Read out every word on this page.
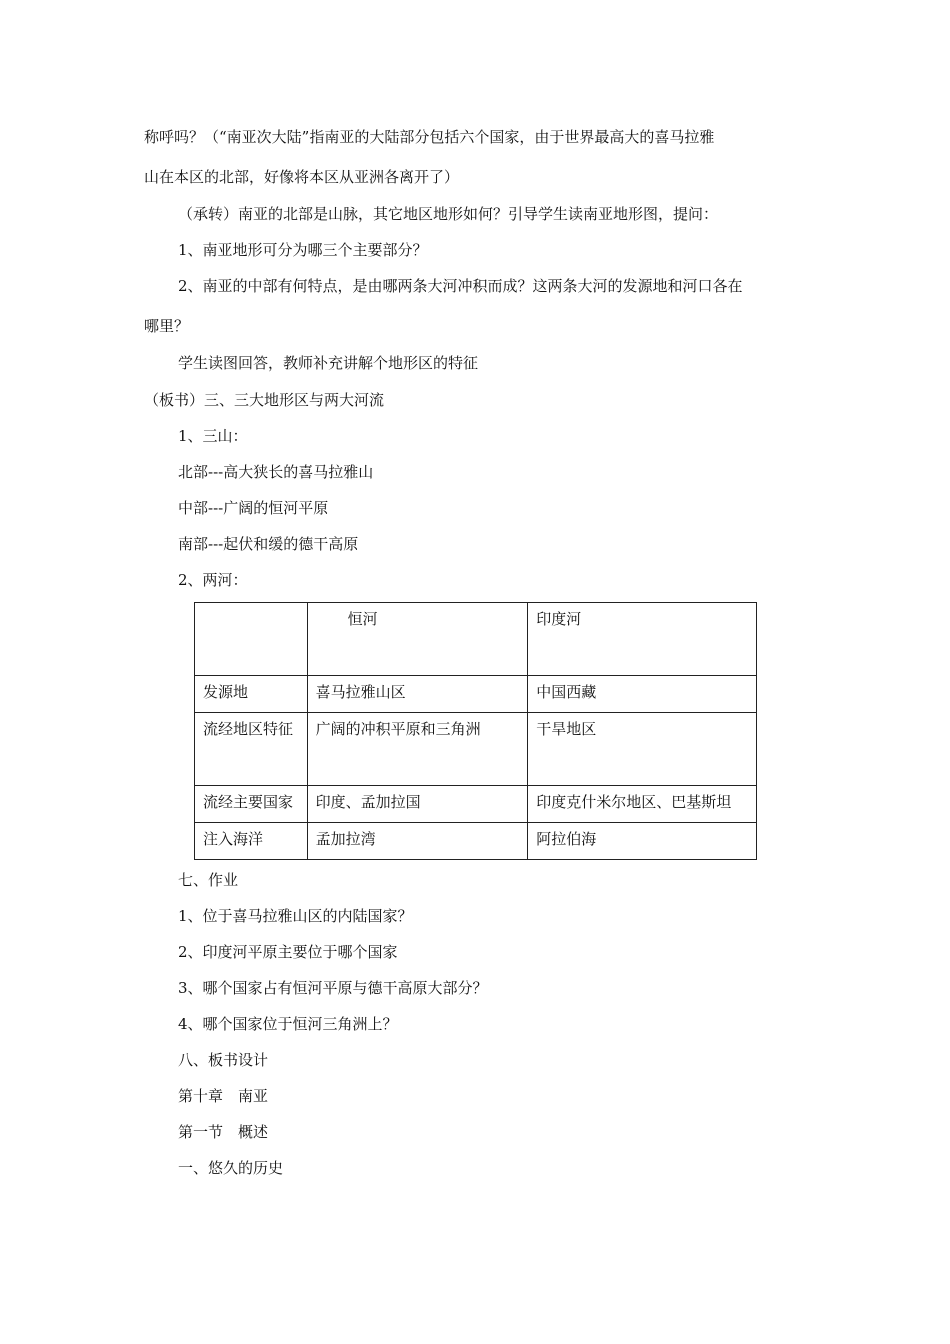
称呼吗？（“南亚次大陆”指南亚的大陆部分包括六个国家，由于世界最高大的喜马拉雅
山在本区的北部，好像将本区从亚洲各离开了）
（承转）南亚的北部是山脉，其它地区地形如何？引导学生读南亚地形图，提问：
1、南亚地形可分为哪三个主要部分？
2、南亚的中部有何特点，是由哪两条大河冲积而成？这两条大河的发源地和河口各在
哪里？
学生读图回答，教师补充讲解个地形区的特征
（板书）三、三大地形区与两大河流
1、三山：
北部---高大狭长的喜马拉雅山
中部---广阔的恒河平原
南部---起伏和缓的德干高原
2、两河：
	恒河	印度河
发源地	喜马拉雅山区	中国西藏
流经地区特征	广阔的冲积平原和三角洲	干旱地区
流经主要国家	印度、孟加拉国	印度克什米尔地区、巴基斯坦
注入海洋	孟加拉湾	阿拉伯海
七、作业
1、位于喜马拉雅山区的内陆国家？
2、印度河平原主要位于哪个国家
3、哪个国家占有恒河平原与德干高原大部分？
4、哪个国家位于恒河三角洲上？
八、板书设计
第十章　南亚
第一节　概述
一、悠久的历史
